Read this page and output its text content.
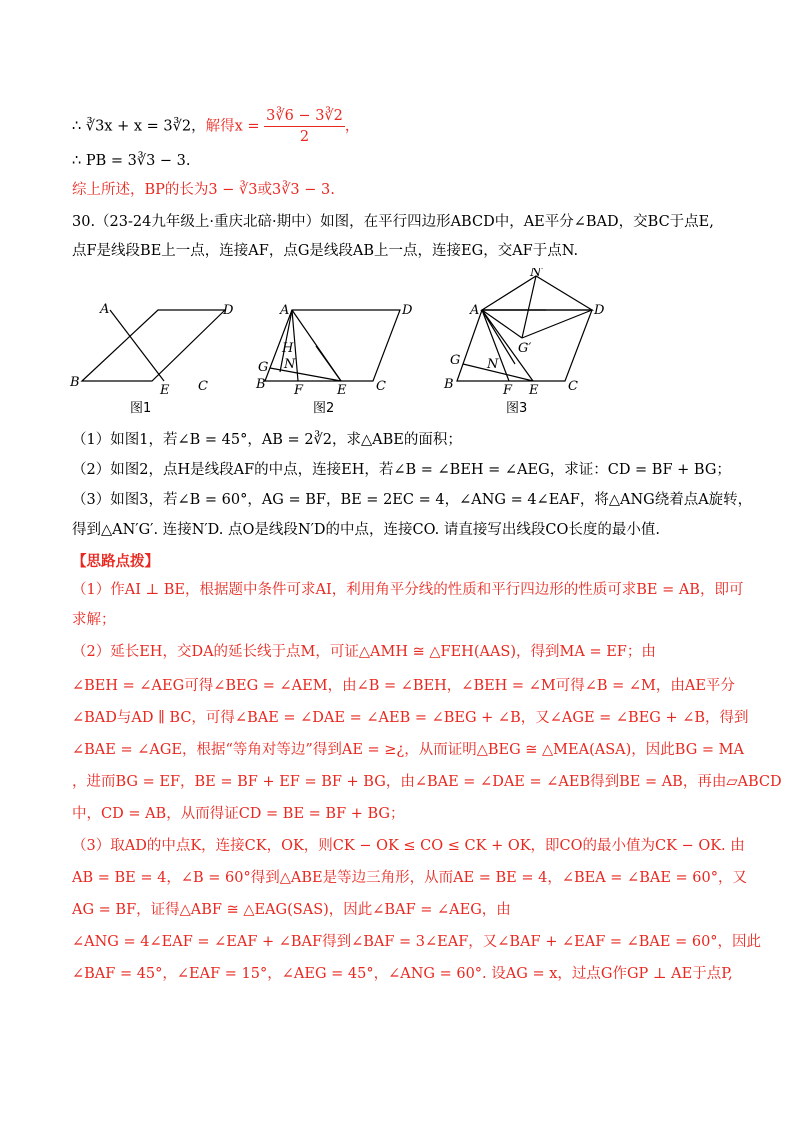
∴ ∛3x + x = 3∛2，解得$x = \frac{3∛6 - 3∛2}{2}$ ，
∴ PB = 3∛3 − 3.
综上所述，BP的长为3 − ∛3或3∛3 − 3.
30.（23-24九年级上·重庆北碚·期中）如图，在平行四边形ABCD中，AE平分∠BAD，交BC于点E,
点F是线段BE上一点，连接AF，点G是线段AB上一点，连接EG，交AF于点N.
A
B	C
D
E
图1
A
B	C
D
E
F
G
H
N
图2
A
B	C
D
E
F
G N
N′
G′
图3
（1）如图1，若∠B = 45°，AB = 2∛2，求△ABE的面积；
（2）如图2，点H是线段AF的中点，连接EH，若∠B = ∠BEH = ∠AEG，求证：CD = BF + BG；
（3）如图3，若∠B = 60°，AG = BF，BE = 2EC = 4，∠ANG = 4∠EAF，将△ANG绕着点A旋转，
得到△AN′G′. 连接N′D. 点O是线段N′D的中点，连接CO. 请直接写出线段CO长度的最小值.
【思路点拨】
（1）作AI ⊥ BE，根据题中条件可求AI，利用角平分线的性质和平行四边形的性质可求BE = AB，即可
求解；
（2）延长EH，交DA的延长线于点M，可证△AMH ≅ △FEH(AAS)，得到MA = EF；由
∠BEH = ∠AEG可得∠BEG = ∠AEM，由∠B = ∠BEH，∠BEH = ∠M可得∠B = ∠M，由AE平分
∠BAD与AD ∥ BC，可得∠BAE = ∠DAE = ∠AEB = ∠BEG + ∠B，又∠AGE = ∠BEG + ∠B，得到
∠BAE = ∠AGE，根据“等角对等边”得到AE = ≥¿，从而证明△BEG ≅ △MEA(ASA)，因此BG = MA
，进而BG = EF，BE = BF + EF = BF + BG，由∠BAE = ∠DAE = ∠AEB得到BE = AB，再由▱ABCD
中，CD = AB，从而得证CD = BE = BF + BG；
（3）取AD的中点K，连接CK，OK，则CK − OK ≤ CO ≤ CK + OK，即CO的最小值为CK − OK. 由
AB = BE = 4，∠B = 60°得到△ABE是等边三角形，从而AE = BE = 4，∠BEA = ∠BAE = 60°，又
AG = BF，证得△ABF ≅ △EAG(SAS)，因此∠BAF = ∠AEG，由
∠ANG = 4∠EAF = ∠EAF + ∠BAF得到∠BAF = 3∠EAF，又∠BAF + ∠EAF = ∠BAE = 60°，因此
∠BAF = 45°，∠EAF = 15°，∠AEG = 45°，∠ANG = 60°. 设AG = x，过点G作GP ⊥ AE于点P,
